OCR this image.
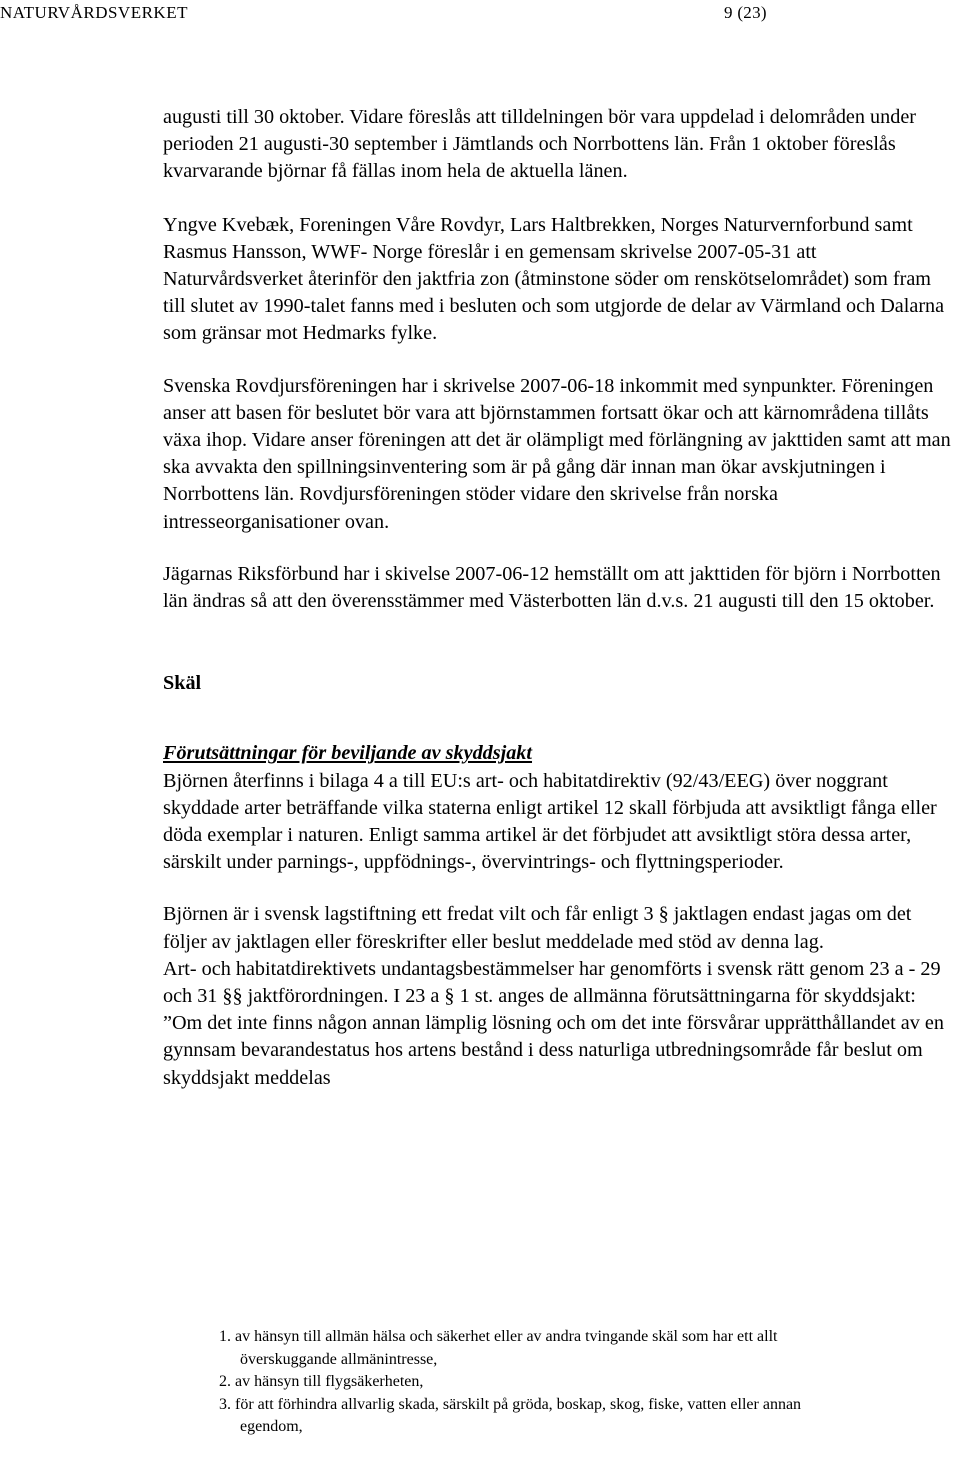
NATURVÅRDSVERKET	9 (23)

augusti till 30 oktober. Vidare föreslås att tilldelningen bör vara uppdelad i delområden under perioden 21 augusti-30 september i Jämtlands och Norrbottens län. Från 1 oktober föreslås kvarvarande björnar få fällas inom hela de aktuella länen.

Yngve Kvebæk, Foreningen Våre Rovdyr, Lars Haltbrekken, Norges Naturvernforbund samt Rasmus Hansson, WWF- Norge föreslår i en gemensam skrivelse 2007-05-31 att Naturvårdsverket återinför den jaktfria zon (åtminstone söder om renskötselområdet) som fram till slutet av 1990-talet fanns med i besluten och som utgjorde de delar av Värmland och Dalarna som gränsar mot Hedmarks fylke.

Svenska Rovdjursföreningen har i skrivelse 2007-06-18 inkommit med synpunkter. Föreningen anser att basen för beslutet bör vara att björnstammen fortsatt ökar och att kärnområdena tillåts växa ihop. Vidare anser föreningen att det är olämpligt med förlängning av jakttiden samt att man ska avvakta den spillningsinventering som är på gång där innan man ökar avskjutningen i Norrbottens län. Rovdjursföreningen stöder vidare den skrivelse från norska intresseorganisationer ovan.

Jägarnas Riksförbund har i skivelse 2007-06-12 hemställt om att jakttiden för björn i Norrbotten län ändras så att den överensstämmer med Västerbotten län d.v.s. 21 augusti till den 15 oktober.

Skäl

Förutsättningar för beviljande av skyddsjakt

Björnen återfinns i bilaga 4 a till EU:s art- och habitatdirektiv (92/43/EEG) över noggrant skyddade arter beträffande vilka staterna enligt artikel 12 skall förbjuda att avsiktligt fånga eller döda exemplar i naturen. Enligt samma artikel är det förbjudet att avsiktligt störa dessa arter, särskilt under parnings-, uppfödnings-, övervintrings- och flyttningsperioder.

Björnen är i svensk lagstiftning ett fredat vilt och får enligt 3 § jaktlagen endast jagas om det följer av jaktlagen eller föreskrifter eller beslut meddelade med stöd av denna lag.

Art- och habitatdirektivets undantagsbestämmelser har genomförts i svensk rätt genom 23 a - 29 och 31 §§ jaktförordningen. I 23 a § 1 st. anges de allmänna förutsättningarna för skyddsjakt: ”Om det inte finns någon annan lämplig lösning och om det inte försvårar upprätthållandet av en gynnsam bevarandestatus hos artens bestånd i dess naturliga utbredningsområde får beslut om skyddsjakt meddelas

1. av hänsyn till allmän hälsa och säkerhet eller av andra tvingande skäl som har ett allt
överskuggande allmänintresse,
2. av hänsyn till flygsäkerheten,
3. för att förhindra allvarlig skada, särskilt på gröda, boskap, skog, fiske, vatten eller annan
egendom,
